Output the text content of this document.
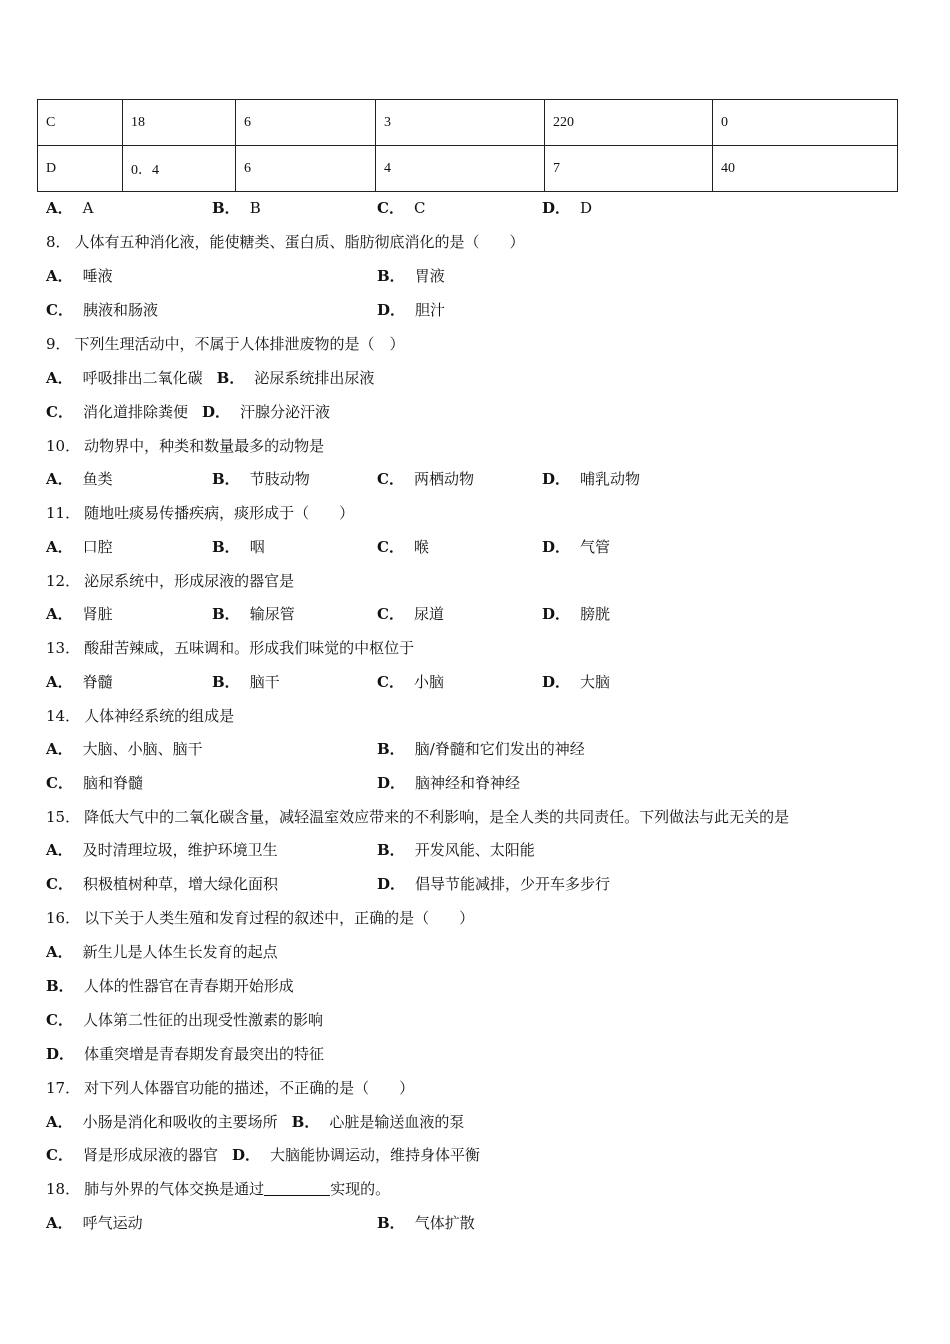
C	18	6	3	220	0
D	0．4	6	4	7	40
A． A	B． B	C． C	D． D
8． 人体有五种消化液，能使糖类、蛋白质、脂肪彻底消化的是（　　）
A． 唾液	B． 胃液
C． 胰液和肠液	D． 胆汁
9． 下列生理活动中，不属于人体排泄废物的是（　）
A． 呼吸排出二氧化碳 B． 泌尿系统排出尿液
C． 消化道排除粪便 D． 汗腺分泌汗液
10． 动物界中，种类和数量最多的动物是
A． 鱼类	B． 节肢动物	C． 两栖动物	D． 哺乳动物
11． 随地吐痰易传播疾病，痰形成于（　　）
A． 口腔	B． 咽	C． 喉	D． 气管
12． 泌尿系统中，形成尿液的器官是
A． 肾脏	B． 输尿管	C． 尿道	D． 膀胱
13． 酸甜苦辣咸，五味调和。形成我们味觉的中枢位于
A． 脊髓	B． 脑干	C． 小脑	D． 大脑
14． 人体神经系统的组成是
A． 大脑、小脑、脑干	B． 脑/脊髓和它们发出的神经
C． 脑和脊髓	D． 脑神经和脊神经
15． 降低大气中的二氧化碳含量，减轻温室效应带来的不利影响，是全人类的共同责任。下列做法与此无关的是
A． 及时清理垃圾，维护环境卫生	B． 开发风能、太阳能
C． 积极植树种草，增大绿化面积	D． 倡导节能减排，少开车多步行
16． 以下关于人类生殖和发育过程的叙述中，正确的是（　　）
A． 新生儿是人体生长发育的起点
B． 人体的性器官在青春期开始形成
C． 人体第二性征的出现受性激素的影响
D． 体重突增是青春期发育最突出的特征
17． 对下列人体器官功能的描述，不正确的是（　　）
A． 小肠是消化和吸收的主要场所 B． 心脏是输送血液的泵
C． 肾是形成尿液的器官 D． 大脑能协调运动，维持身体平衡
18． 肺与外界的气体交换是通过	实现的。
A． 呼气运动	B． 气体扩散
